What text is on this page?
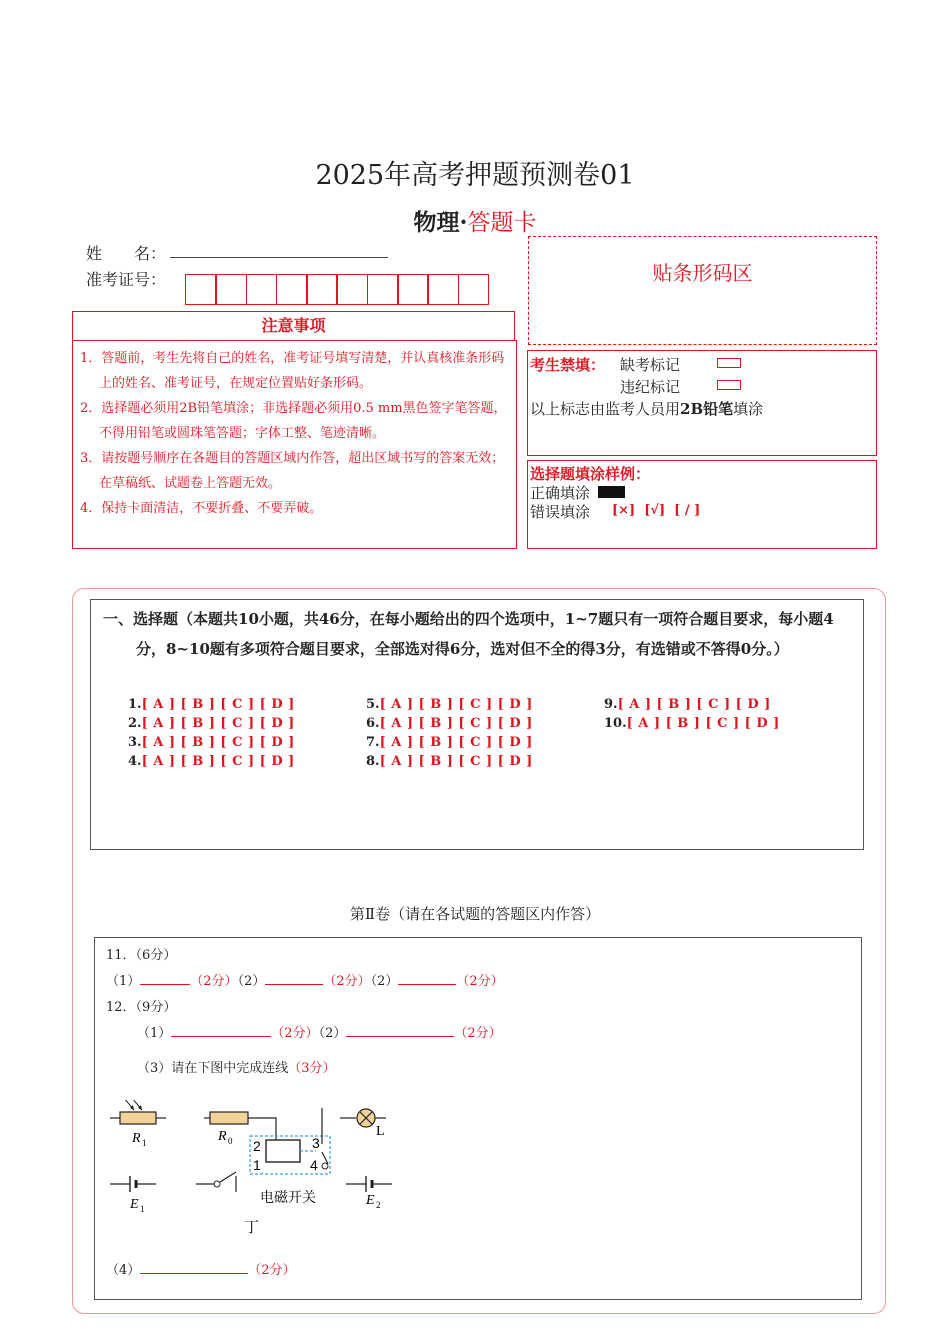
2025年高考押题预测卷01
物理·答题卡
姓　　名：
准考证号：
注意事项
1．答题前，考生先将自己的姓名，准考证号填写清楚，并认真核准条形码上的姓名、准考证号，在规定位置贴好条形码。
2．选择题必须用2B铅笔填涂；非选择题必须用0.5 mm黑色签字笔答题，不得用铅笔或圆珠笔答题；字体工整、笔迹清晰。
3．请按题号顺序在各题目的答题区域内作答，超出区域书写的答案无效；在草稿纸、试题卷上答题无效。
4．保持卡面清洁，不要折叠、不要弄破。
贴条形码区
考生禁填： 缺考标记
违纪标记
以上标志由监考人员用2B铅笔填涂
选择题填涂样例：
正确填涂
错误填涂 [×]  [√]  [ / ]
一、选择题（本题共10小题，共46分，在每小题给出的四个选项中，1~7题只有一项符合题目要求，每小题4分，8~10题有多项符合题目要求，全部选对得6分，选对但不全的得3分，有选错或不答得0分。）
1.[ A ] [ B ] [ C ] [ D ]
2.[ A ] [ B ] [ C ] [ D ]
3.[ A ] [ B ] [ C ] [ D ]
4.[ A ] [ B ] [ C ] [ D ]
5.[ A ] [ B ] [ C ] [ D ]
6.[ A ] [ B ] [ C ] [ D ]
7.[ A ] [ B ] [ C ] [ D ]
8.[ A ] [ B ] [ C ] [ D ]
9.[ A ] [ B ] [ C ] [ D ]
10.[ A ] [ B ] [ C ] [ D ]
第Ⅱ卷（请在各试题的答题区内作答）
11．（6分）
（1）	（2分）（2）	（2分）（2）	（2分）
12．（9分）
（1）	（2分）（2）	（2分）
（3）请在下图中完成连线（3分）
R 1	R 0 2
1
3
4
电磁开关
L
E 1
E 2
丁
（4）	（2分）
